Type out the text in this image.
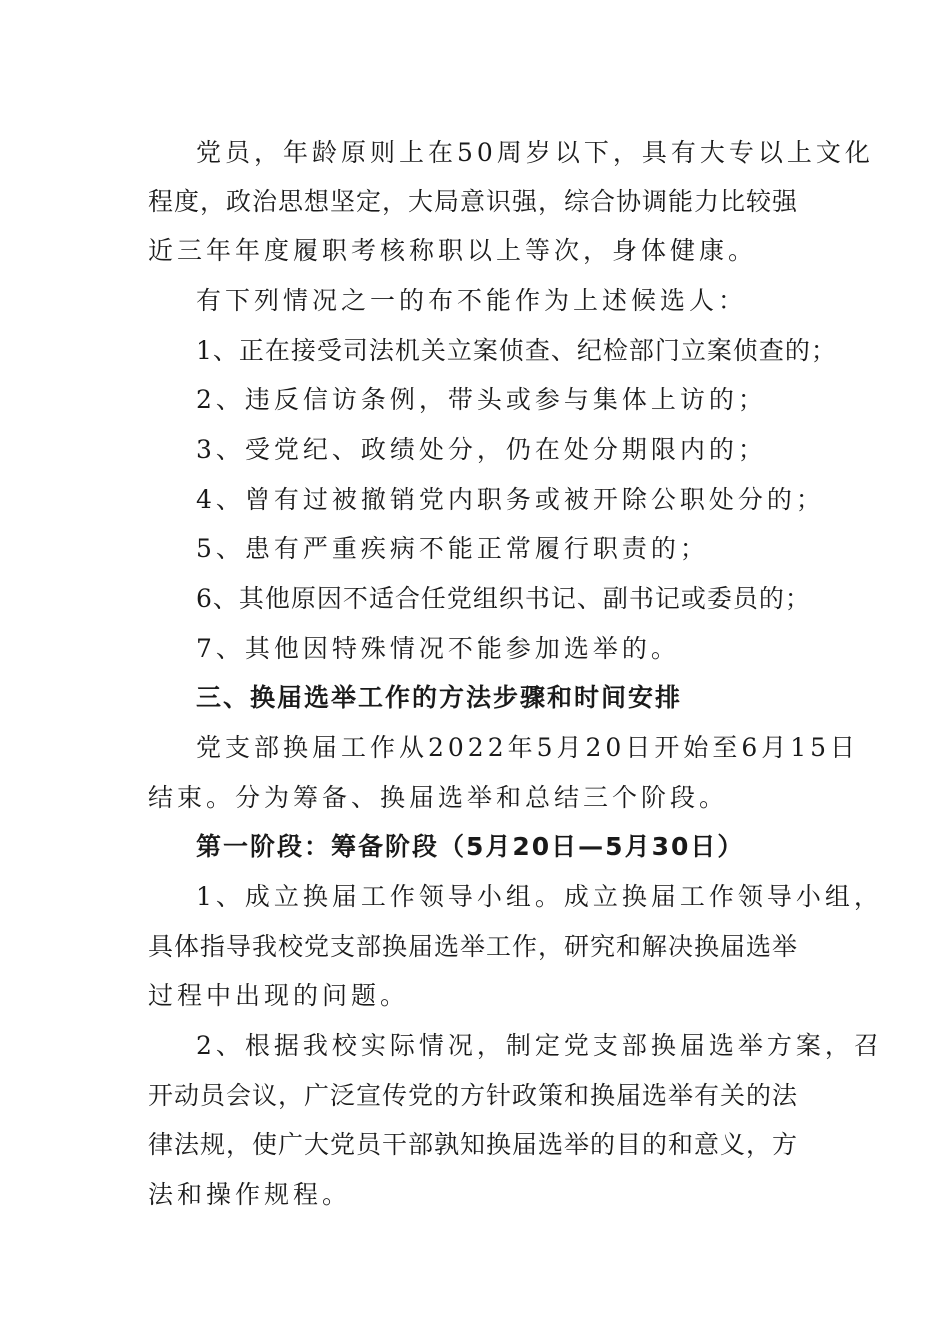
党员，年龄原则上在50周岁以下，具有大专以上文化
程度，政治思想坚定，大局意识强，综合协调能力比较强
近三年年度履职考核称职以上等次，身体健康。
有下列情况之一的布不能作为上述候选人：
1、正在接受司法机关立案侦查、纪检部门立案侦查的；
2、违反信访条例，带头或参与集体上访的；
3、受党纪、政绩处分，仍在处分期限内的；
4、曾有过被撤销党内职务或被开除公职处分的；
5、患有严重疾病不能正常履行职责的；
6、其他原因不适合任党组织书记、副书记或委员的；
7、其他因特殊情况不能参加选举的。
三、换届选举工作的方法步骤和时间安排
党支部换届工作从2022年5月20日开始至6月15日
结束。分为筹备、换届选举和总结三个阶段。
第一阶段：筹备阶段（5月20日—5月30日）
1、成立换届工作领导小组。成立换届工作领导小组，
具体指导我校党支部换届选举工作，研究和解决换届选举
过程中出现的问题。
2、根据我校实际情况，制定党支部换届选举方案，召
开动员会议，广泛宣传党的方针政策和换届选举有关的法
律法规，使广大党员干部孰知换届选举的目的和意义，方
法和操作规程。
